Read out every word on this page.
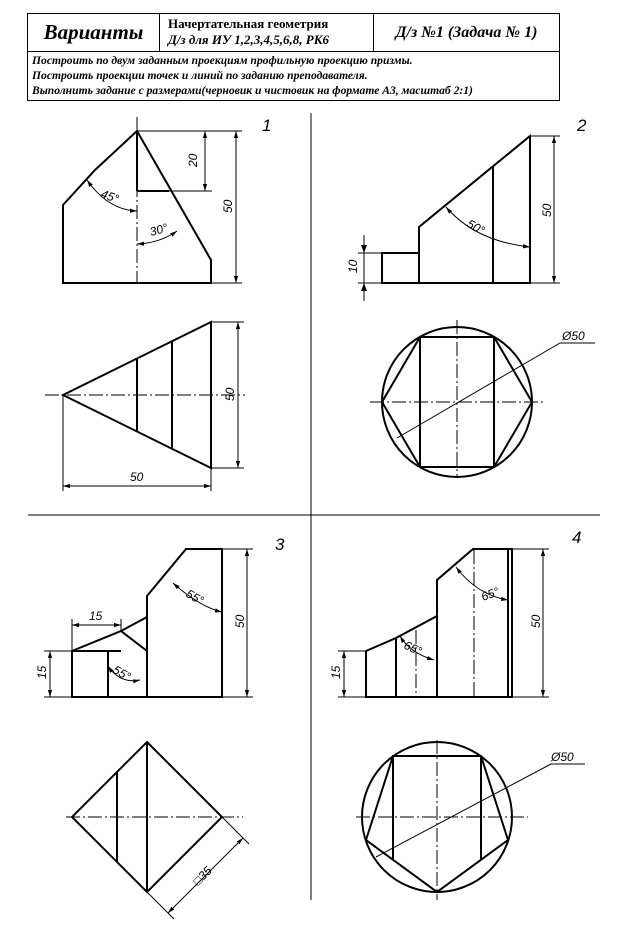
Варианты	Начертательная геометрия
Д/з для ИУ 1,2,3,4,5,6,8, РК6	Д/з №1 (Задача № 1)
Построить по двум заданным проекциям профильную проекцию призмы.
Построить проекции точек и линий по заданию преподавателя.
Выполнить задание с размерами(черновик и чистовик на формате А3, масштаб 2:1)
1
20
50
45°
30°
50
50
2
10
50
50°
Ø50
3
15
15
50
55°
55°
□35
4
15
50
65°
65°
Ø50
